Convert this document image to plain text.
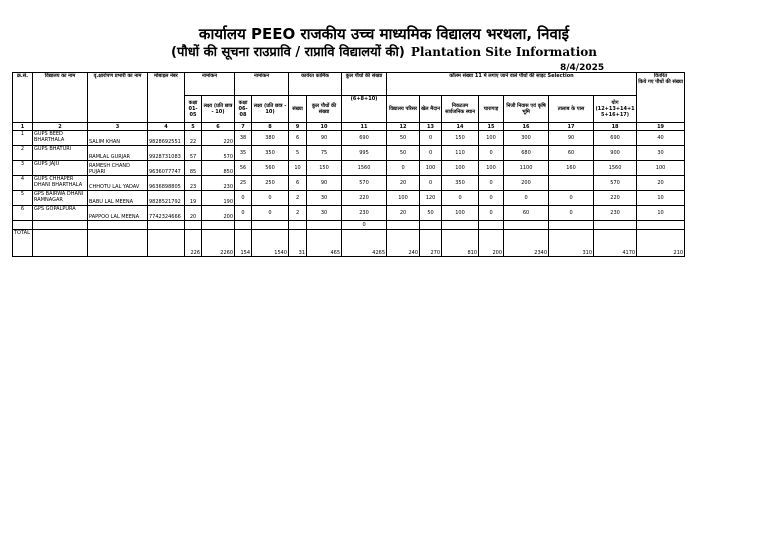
कार्यालय PEEO राजकीय उच्च माध्यमिक विद्यालय भरथला, निवाई
(पौधों की सूचना राउप्रावि / राप्रावि विद्यालयों की) Plantation Site Information
8/4/2025
क्र.सं.	विद्यालय का नाम	वृ.क्षारोपण प्रभारी का नाम	मोबाइल नंबर	नामांकन		नामांकन		कार्यरत कार्मिक		कुल पौधों की संख्या	कॉलम संख्या 11 में लगाए जाने वाले पौधों की साइट Selection							वितरित
किये गए पौधों की संख्या
				कक्षा 01-05	लक्ष्य (प्रति छात्र - 10)	कक्षा 06-08	लक्ष्य (प्रति छात्र - 10)	संख्या	कुल पौधों की संख्या	(6+8+10)	विद्यालय परिसर	खेल मैदान	निकटतम सार्वजनिक स्थान	चारागाह	निजी निवास एवं कृषि भूमि	तालाब के पास	योग (12+13+14+15+16+17)	
1	2	3	4	5	6	7	8	9	10	11	12	13	14	15	16	17	18	19
1	GUPS BEED BHARTHALA	SALIM KHAN	9828692551	22	220	38	380	6	90	690	50	0	150	100	300	90	690	40
2	GUPS BHATURI	RAMLAL GURJAR	9928731083	57	570	35	350	5	75	995	50	0	110	0	680	60	900	30
3	GUPS JAJU	RAMESH CHAND PUJARI	9636077747	85	850	56	560	10	150	1560	0	100	100	100	1100	160	1560	100
4	GUPS CHHAPER DHANI BHARTHALA	CHHOTU LAL YADAV	9636898805	23	230	25	250	6	90	570	20	0	350	0	200		570	20
5	GPS BAIRWA DHANI RAMNAGAR	BABU LAL MEENA	9828521792	19	190	0	0	2	30	220	100	120	0	0	0	0	220	10
6	GPS GOPALPURA	PAPPOO LAL MEENA	7742324666	20	200	0	0	2	30	230	20	50	100	0	60	0	230	10
										0								
TOTAL				226	2260	154	1540	31	465	4265	240	270	810	200	2340	310	4170	210
